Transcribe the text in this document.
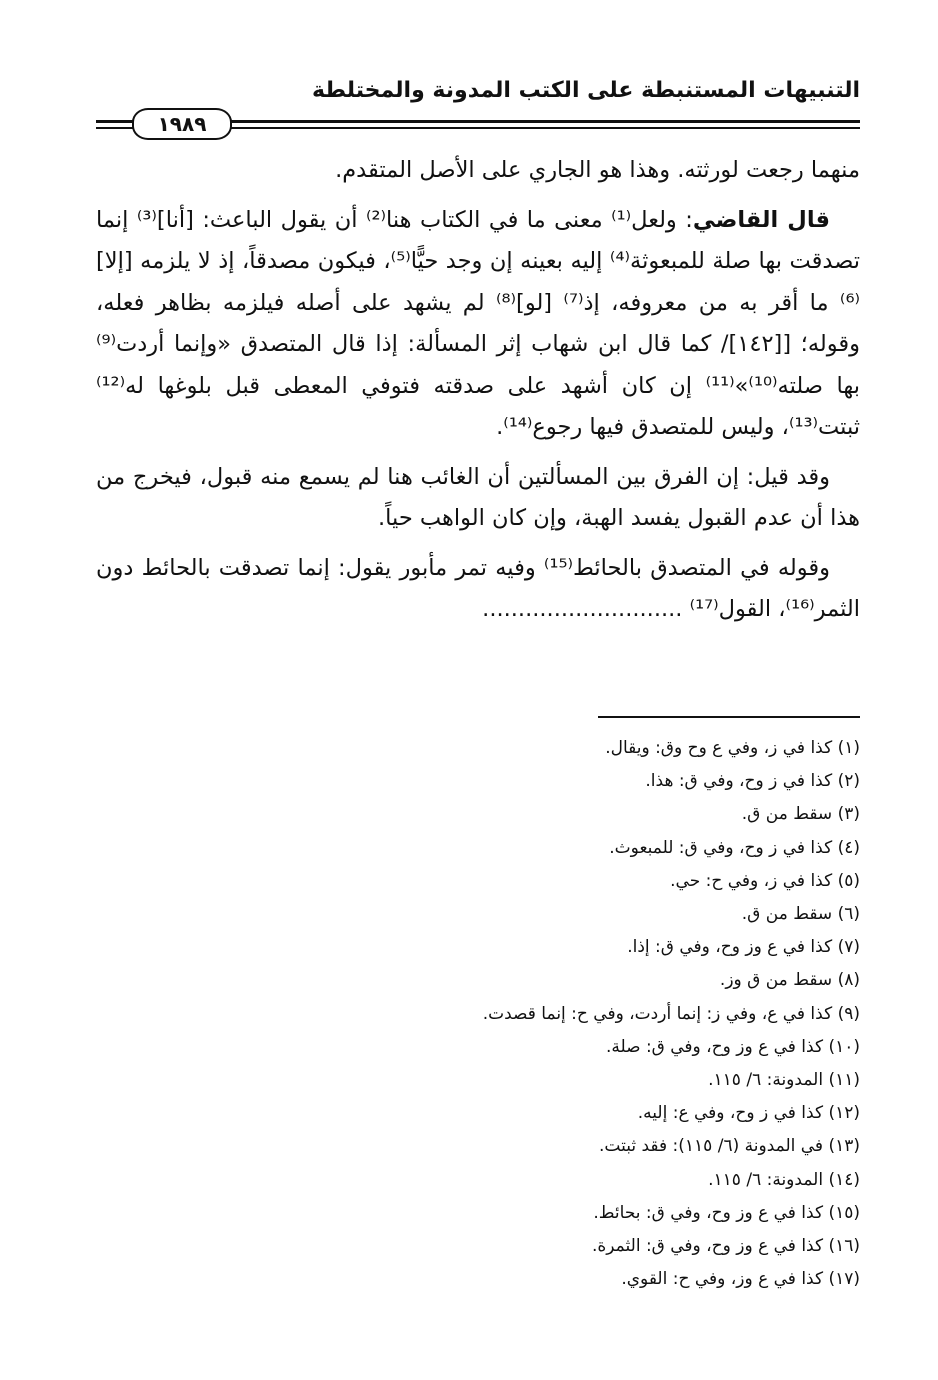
التنبيهات المستنبطة على الكتب المدونة والمختلطة
١٩٨٩

منهما رجعت لورثته. وهذا هو الجاري على الأصل المتقدم.

قال القاضي: ولعل⁽¹⁾ معنى ما في الكتاب هنا⁽²⁾ أن يقول الباعث: [أنا]⁽³⁾ إنما تصدقت بها صلة للمبعوثة⁽⁴⁾ إليه بعينه إن وجد حيًّا⁽⁵⁾، فيكون مصدقاً، إذ لا يلزمه [إلا]⁽⁶⁾ ما أقر به من معروفه، إذ⁽⁷⁾ [لو]⁽⁸⁾ لم يشهد على أصله فيلزمه بظاهر فعله، وقوله؛ [[١٤٢]/ كما قال ابن شهاب إثر المسألة: إذا قال المتصدق «وإنما أردت⁽⁹⁾ بها صلته⁽¹⁰⁾»⁽¹¹⁾ إن كان أشهد على صدقته فتوفي المعطى قبل بلوغها له⁽¹²⁾ ثبتت⁽¹³⁾، وليس للمتصدق فيها رجوع⁽¹⁴⁾.

وقد قيل: إن الفرق بين المسألتين أن الغائب هنا لم يسمع منه قبول، فيخرج من هذا أن عدم القبول يفسد الهبة، وإن كان الواهب حياً.

وقوله في المتصدق بالحائط⁽¹⁵⁾ وفيه تمر مأبور يقول: إنما تصدقت بالحائط دون الثمر⁽¹⁶⁾، القول⁽¹⁷⁾ ............................

(١) كذا في ز، وفي ع وح وق: ويقال.
(٢) كذا في ز وح، وفي ق: هذا.
(٣) سقط من ق.
(٤) كذا في ز وح، وفي ق: للمبعوث.
(٥) كذا في ز، وفي ح: حي.
(٦) سقط من ق.
(٧) كذا في ع وز وح، وفي ق: إذا.
(٨) سقط من ق وز.
(٩) كذا في ع، وفي ز: إنما أردت، وفي ح: إنما قصدت.
(١٠) كذا في ع وز وح، وفي ق: صلة.
(١١) المدونة: ٦/ ١١٥.
(١٢) كذا في ز وح، وفي ع: إليه.
(١٣) في المدونة (٦/ ١١٥): فقد ثبتت.
(١٤) المدونة: ٦/ ١١٥.
(١٥) كذا في ع وز وح، وفي ق: بحائط.
(١٦) كذا في ع وز وح، وفي ق: الثمرة.
(١٧) كذا في ع وز، وفي ح: القوي.
